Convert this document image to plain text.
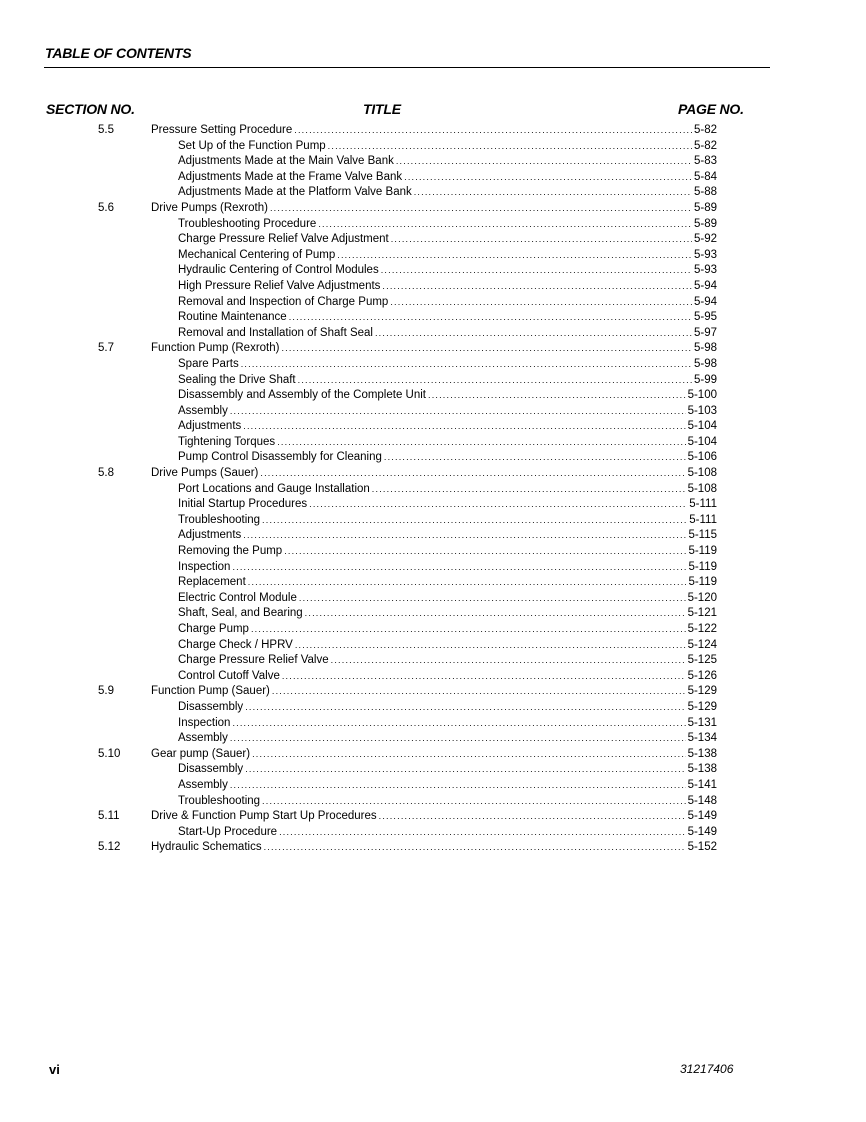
TABLE OF CONTENTS
SECTION NO.	TITLE	PAGE NO.
5.5	Pressure Setting Procedure .....	5-82
Set Up of the Function Pump .....	5-82
Adjustments Made at the Main Valve Bank .....	5-83
Adjustments Made at the Frame Valve Bank .....	5-84
Adjustments Made at the Platform Valve Bank .....	5-88
5.6	Drive Pumps (Rexroth) .....	5-89
Troubleshooting Procedure .....	5-89
Charge Pressure Relief Valve Adjustment .....	5-92
Mechanical Centering of Pump .....	5-93
Hydraulic Centering of Control Modules .....	5-93
High Pressure Relief Valve Adjustments .....	5-94
Removal and Inspection of Charge Pump .....	5-94
Routine Maintenance .....	5-95
Removal and Installation of Shaft Seal .....	5-97
5.7	Function Pump (Rexroth) .....	5-98
Spare Parts .....	5-98
Sealing the Drive Shaft .....	5-99
Disassembly and Assembly of the Complete Unit .....	5-100
Assembly .....	5-103
Adjustments .....	5-104
Tightening Torques .....	5-104
Pump Control Disassembly for Cleaning .....	5-106
5.8	Drive Pumps (Sauer) .....	5-108
Port Locations and Gauge Installation .....	5-108
Initial Startup Procedures .....	5-111
Troubleshooting .....	5-111
Adjustments .....	5-115
Removing the Pump .....	5-119
Inspection .....	5-119
Replacement .....	5-119
Electric Control Module .....	5-120
Shaft, Seal, and Bearing .....	5-121
Charge Pump .....	5-122
Charge Check / HPRV .....	5-124
Charge Pressure Relief Valve .....	5-125
Control Cutoff Valve .....	5-126
5.9	Function Pump (Sauer) .....	5-129
Disassembly .....	5-129
Inspection .....	5-131
Assembly .....	5-134
5.10	Gear pump (Sauer) .....	5-138
Disassembly .....	5-138
Assembly .....	5-141
Troubleshooting .....	5-148
5.11	Drive & Function Pump Start Up Procedures .....	5-149
Start-Up Procedure .....	5-149
5.12	Hydraulic Schematics .....	5-152
vi	31217406
